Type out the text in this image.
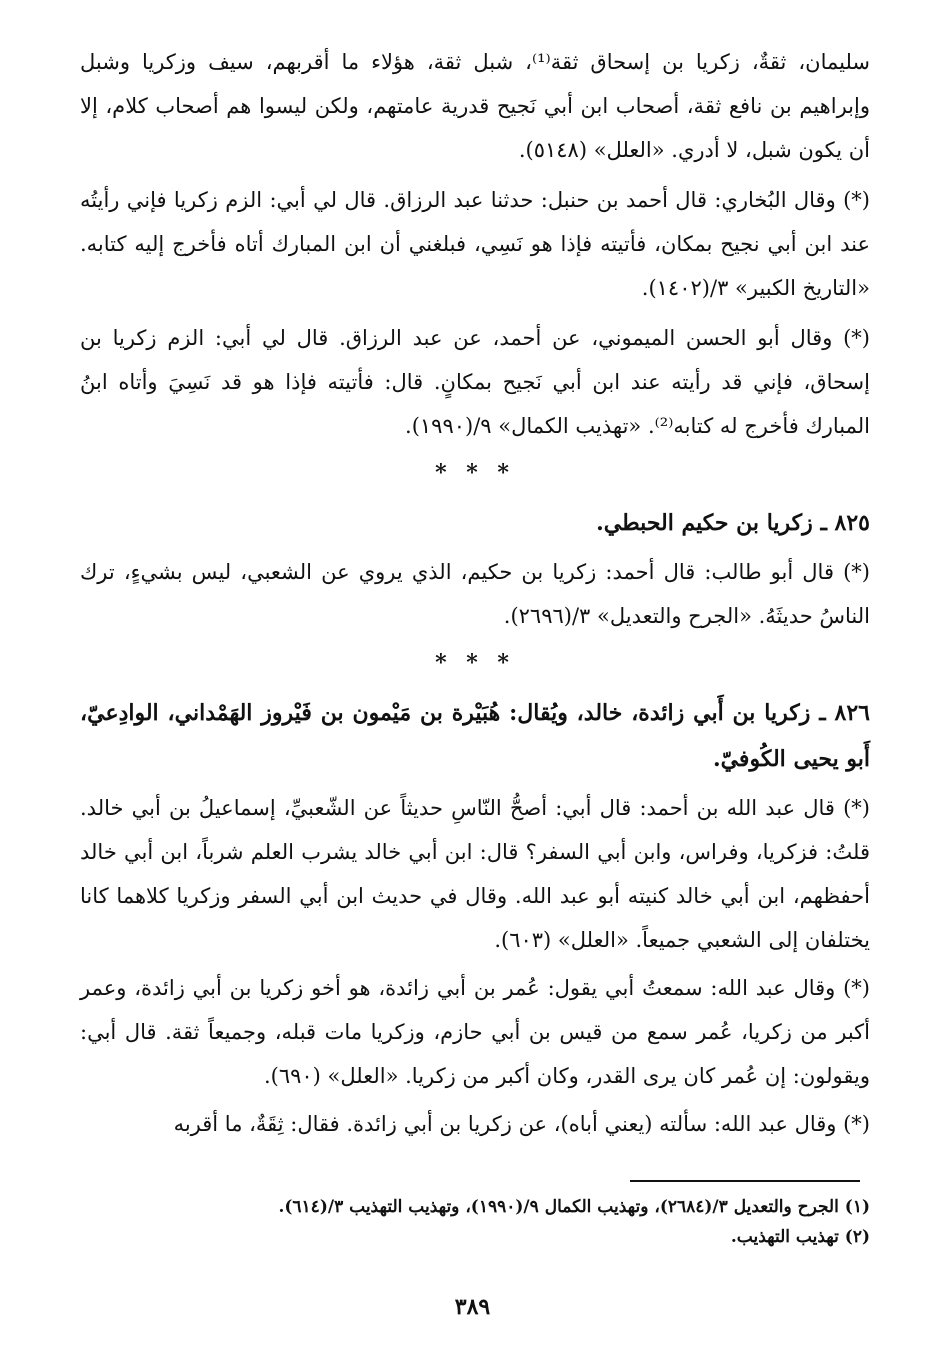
سليمان، ثقةٌ، زكريا بن إسحاق ثقة⁽¹⁾، شبل ثقة، هؤلاء ما أقربهم، سيف وزكريا وشبل وإبراهيم بن نافع ثقة، أصحاب ابن أبي نَجيح قدرية عامتهم، ولكن ليسوا هم أصحاب كلام، إلا أن يكون شبل، لا أدري. «العلل» (٥١٤٨).

(*) وقال البُخاري: قال أحمد بن حنبل: حدثنا عبد الرزاق. قال لي أبي: الزم زكريا فإني رأيتُه عند ابن أبي نجيح بمكان، فأتيته فإذا هو نَسِي، فبلغني أن ابن المبارك أتاه فأخرج إليه كتابه. «التاريخ الكبير» ٣/(١٤٠٢).

(*) وقال أبو الحسن الميموني، عن أحمد، عن عبد الرزاق. قال لي أبي: الزم زكريا بن إسحاق، فإني قد رأيته عند ابن أبي نَجيح بمكانٍ. قال: فأتيته فإذا هو قد نَسِيَ وأتاه ابنُ المبارك فأخرج له كتابه⁽²⁾. «تهذيب الكمال» ٩/(١٩٩٠).

* * *
٨٢٥ ـ زكريا بن حكيم الحبطي.

(*) قال أبو طالب: قال أحمد: زكريا بن حكيم، الذي يروي عن الشعبي، ليس بشيءٍ، ترك الناسُ حديثَهُ. «الجرح والتعديل» ٣/(٢٦٩٦).

* * *
٨٢٦ ـ زكريا بن أَبي زائدة، خالد، ويُقال: هُبَيْرة بن مَيْمون بن فَيْروز الهَمْداني، الوادِعيّ، أَبو يحيى الكُوفيّ.

(*) قال عبد الله بن أحمد: قال أبي: أصحُّ النّاسِ حديثاً عن الشّعبيِّ، إسماعيلُ بن أبي خالد. قلتُ: فزكريا، وفراس، وابن أبي السفر؟ قال: ابن أبي خالد يشرب العلم شرباً، ابن أبي خالد أحفظهم، ابن أبي خالد كنيته أبو عبد الله. وقال في حديث ابن أبي السفر وزكريا كلاهما كانا يختلفان إلى الشعبي جميعاً. «العلل» (٦٠٣).

(*) وقال عبد الله: سمعتُ أبي يقول: عُمر بن أبي زائدة، هو أخو زكريا بن أبي زائدة، وعمر أكبر من زكريا، عُمر سمع من قيس بن أبي حازم، وزكريا مات قبله، وجميعاً ثقة. قال أبي: ويقولون: إن عُمر كان يرى القدر، وكان أكبر من زكريا. «العلل» (٦٩٠).

(*) وقال عبد الله: سألته (يعني أباه)، عن زكريا بن أبي زائدة. فقال: ثِقَةٌ، ما أقربه

(١) الجرح والتعديل ٣/(٢٦٨٤)، وتهذيب الكمال ٩/(١٩٩٠)، وتهذيب التهذيب ٣/(٦١٤).

(٢) تهذيب التهذيب.

٣٨٩
